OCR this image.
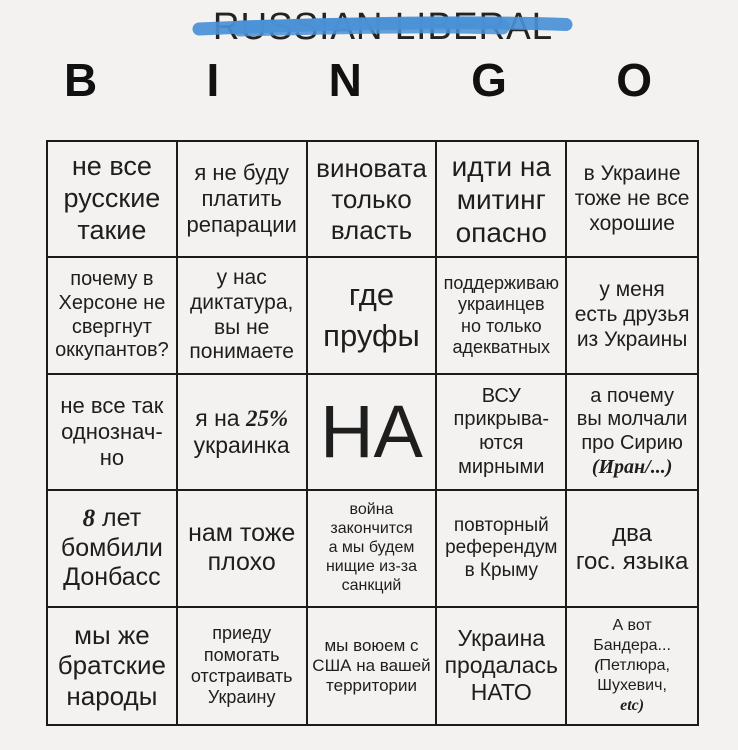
RUSSIAN LIBERAL
B I N G O
не все
русские
такие
я не буду
платить
репарации
виновата
только
власть
идти на
митинг
опасно
в Украине
тоже не все
хорошие
почему в
Херсоне не
свергнут
оккупантов?
у нас
диктатура,
вы не
понимаете
где
пруфы
поддерживаю
украинцев
но только
адекватных
у меня
есть друзья
из Украины
не все так
однознач-
но
я на 25%
украинка НА	ВСУ
прикрыва-
ются
мирными
а почему
вы молчали
про Сирию
(Иран/...)
8 лет
бомбили
Донбасс
нам тоже
плохо
война
закончится
а мы будем
нищие из-за
санкций
повторный
референдум
в Крыму
два
гос. языка
мы же
братские
народы
приеду
помогать
отстраивать
Украину
мы воюем с
США на вашей
территории
Украина
продалась
НАТО
А вот
Бандера...
(Петлюра,
Шухевич,
etc)
